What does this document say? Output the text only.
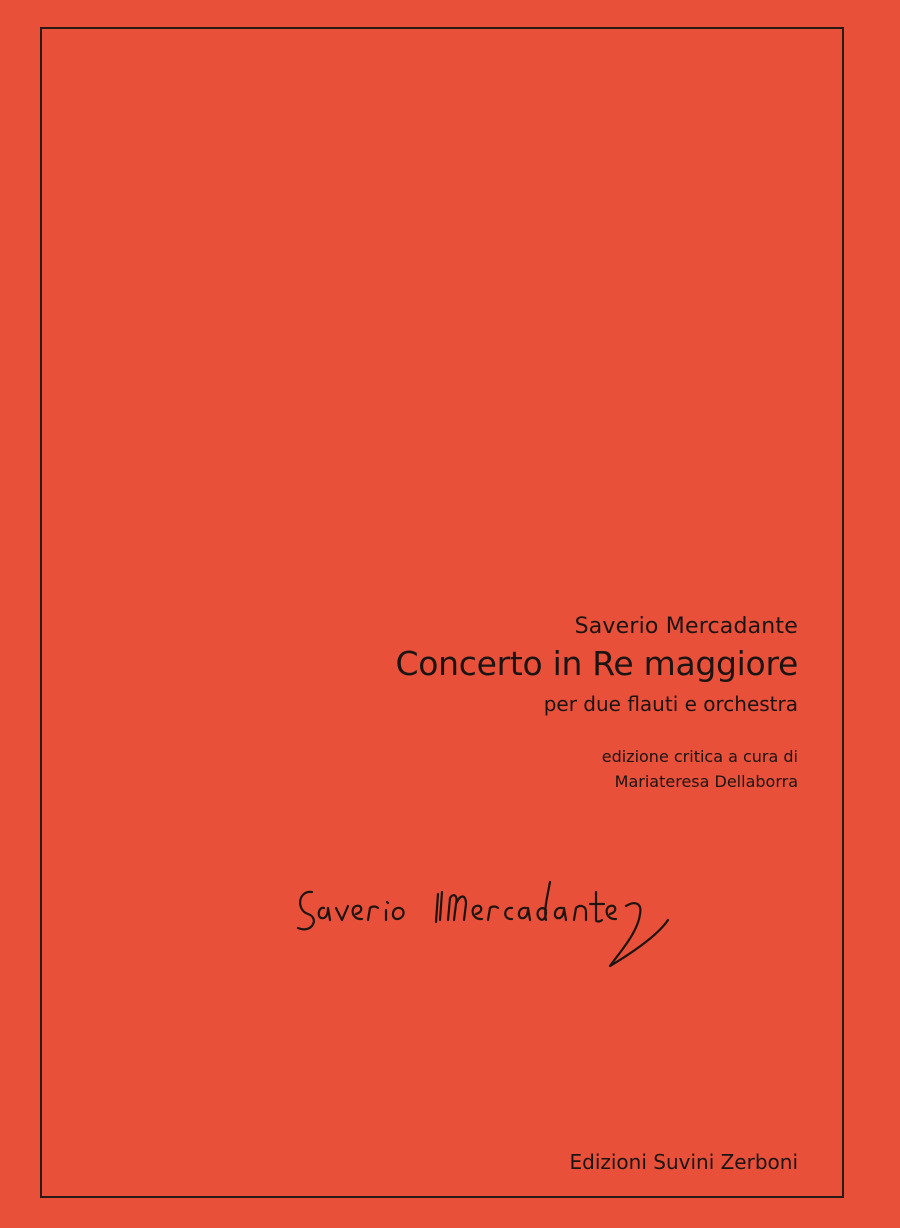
Saverio Mercadante
Concerto in Re maggiore
per due flauti e orchestra
edizione critica a cura di
Mariateresa Dellaborra
Edizioni Suvini Zerboni
